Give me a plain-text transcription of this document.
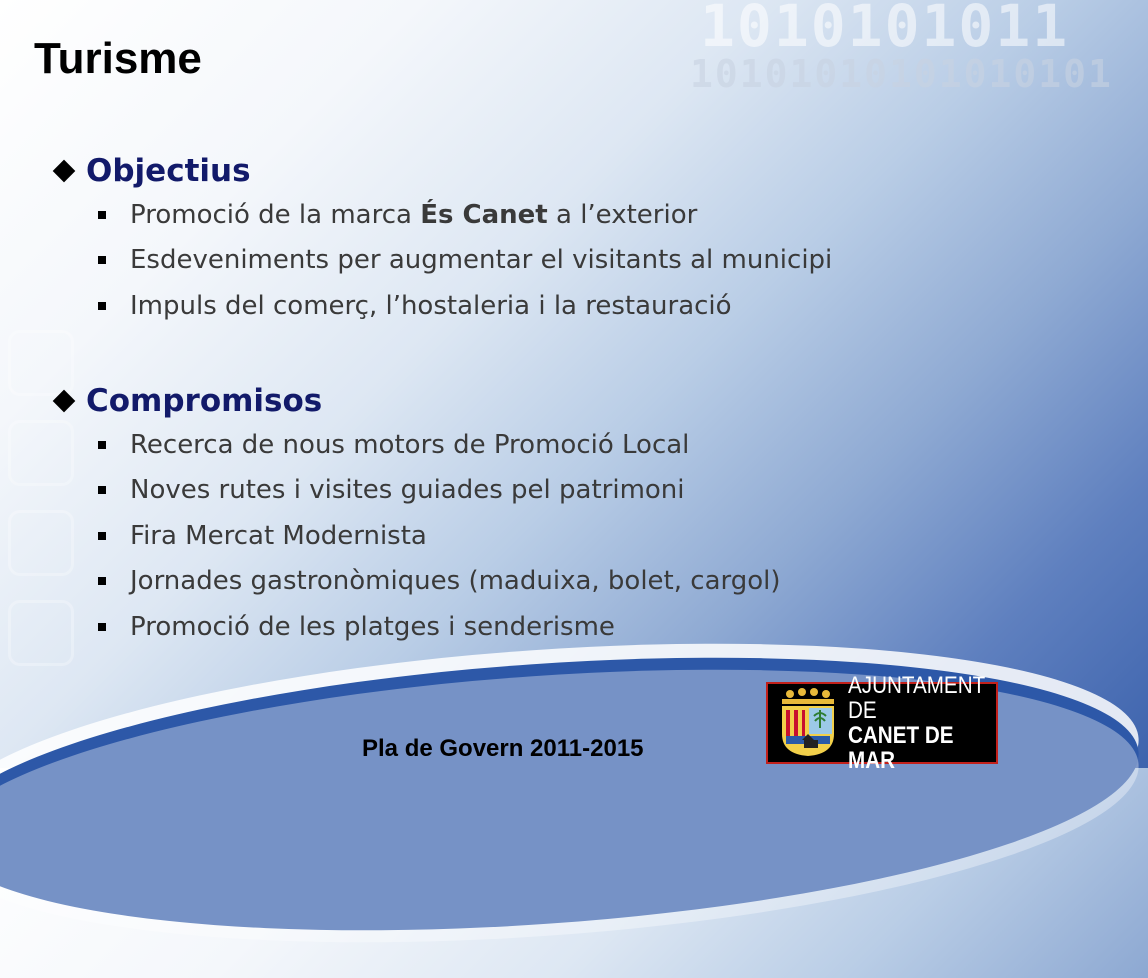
1010101011
10101010101010101
Turisme
Objectius
Promoció de la marca És Canet a l’exterior
Esdeveniments per augmentar el visitants al municipi
Impuls del comerç, l’hostaleria i la restauració
Compromisos
Recerca de nous motors de Promoció Local
Noves rutes i visites guiades pel patrimoni
Fira Mercat Modernista
Jornades gastronòmiques (maduixa, bolet, cargol)
Promoció de les platges i senderisme
Pla de Govern 2011-2015
AJUNTAMENT DE
CANET DE MAR
